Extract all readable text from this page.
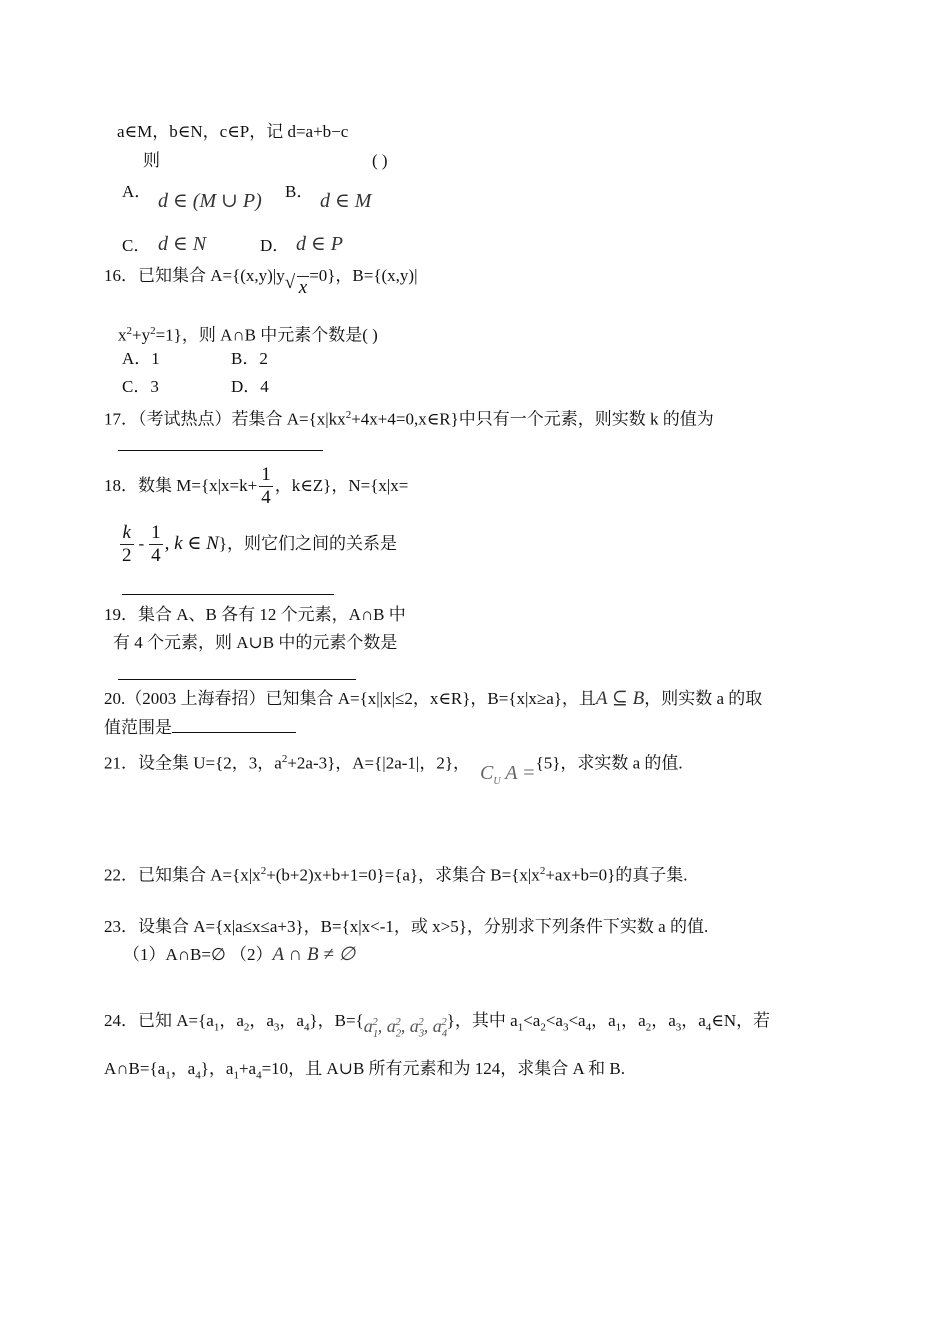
a∈M，b∈N，c∈P，记 d=a+b−c
则	( )
A． d ∈ (M ∪ P) B． d ∈ M
C． d ∈ N	D． d ∈ P
16．已知集合 A={(x,y)|y √ x=0}，B={(x,y)|
$x^2+y^2=1$}，则 A∩B 中元素个数是( )
A．1	B．2
C．3	D．4
17．（考试热点）若集合 $A=\{x|kx^2+4x+4=0,x\in R\}$中只有一个元素，则实数 k 的值为
18．数集 $M=\{x|x=k+ \frac{1}{4}$ ，k∈Z}，N={x|x=
$\frac{k}{2} - \frac{1}{4}$ , k ∈ N }，则它们之间的关系是
19．集合 A、B 各有 12 个元素，A∩B 中
有 4 个元素，则 A∪B 中的元素个数是
20.（2003 上海春招）已知集合 A={x||x|≤2，x∈R}，B={x|x≥a}，且A ⊆ B，则实数 a 的取
值范围是
21．设全集 U={2，3，$a^2+2a-3$}，A={|2a-1|，2}， $C_U$ A ={5}，求实数 a 的值.
22．已知集合 $A=\{x|x^2+(b+2)x+b+1=0\}=\{a\}$，求集合 $B=\{x|x^2+ax+b=0\}$的真子集.
23．设集合 A={x|a≤x≤a+3}，B={x|x<-1，或 x>5}，分别求下列条件下实数 a 的值.
（1）A∩B=∅ （2）A ∩ B ≠ ∅
24．已知 $A=\{a_1$，$a_2$，$a_3$，$a_4$}，$B=\{a_1^2$, $a_2^2$, $a_3^2$, $a_4^2$}，其中 $a_1<a_2<a_3<a_4$，$a_1$，$a_2$，$a_3$，$a_4\in N$，若
$A\cap B=\{a_1$，$a_4$}，$a_1+a_4=10$，且 A∪B 所有元素和为 124，求集合 A 和 B.
